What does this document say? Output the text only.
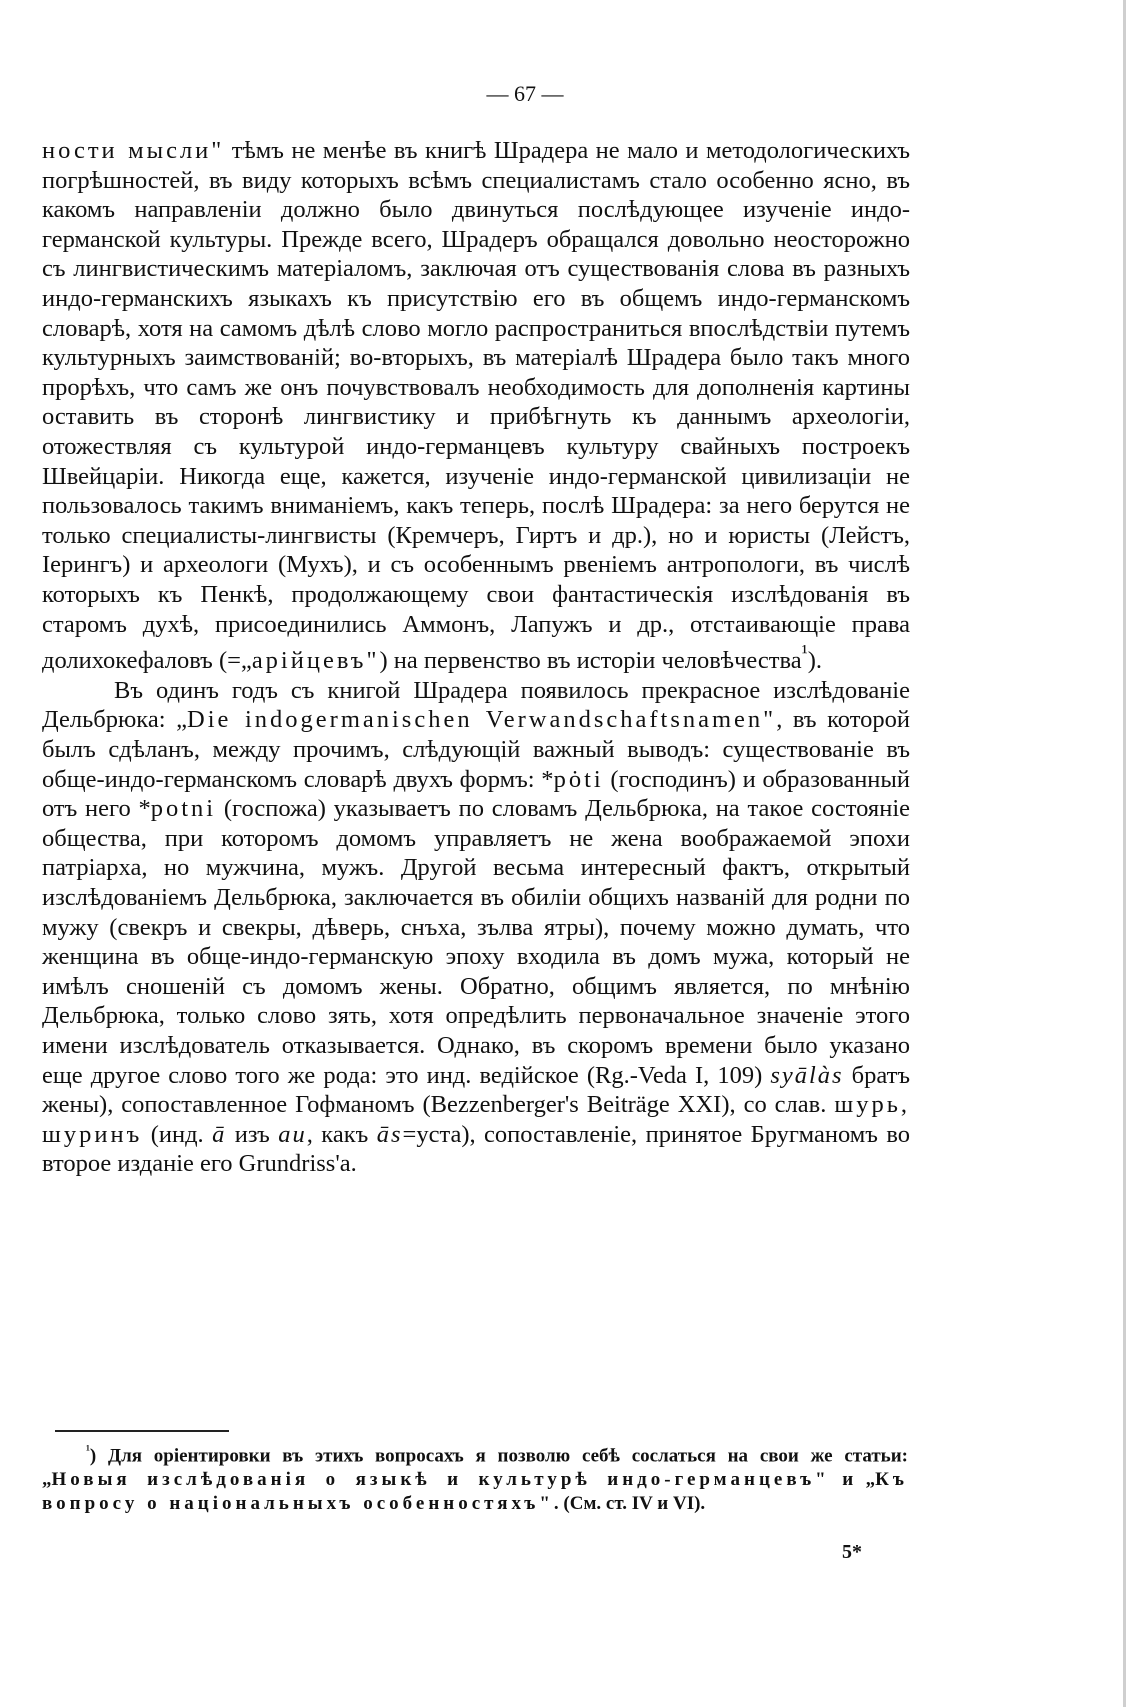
— 67 —

ности мысли" тѣмъ не менѣе въ книгѣ Шрадера не мало и методологическихъ погрѣшностей, въ виду которыхъ всѣмъ специалистамъ стало особенно ясно, въ какомъ направленіи должно было двинуться послѣдующее изученіе индо-германской культуры. Прежде всего, Шрадеръ обращался довольно неосторожно съ лингвистическимъ матеріаломъ, заключая отъ существованія слова въ разныхъ индо-германскихъ языкахъ къ присутствію его въ общемъ индо-германскомъ словарѣ, хотя на самомъ дѣлѣ слово могло распространиться впослѣдствіи путемъ культурныхъ заимствованій; во-вторыхъ, въ матеріалѣ Шрадера было такъ много прорѣхъ, что самъ же онъ почувствовалъ необходимость для дополненія картины оставить въ сторонѣ лингвистику и прибѣгнуть къ даннымъ археологіи, отожествляя съ культурой индо-германцевъ культуру свайныхъ построекъ Швейцаріи. Никогда еще, кажется, изученіе индо-германской цивилизаціи не пользовалось такимъ вниманіемъ, какъ теперь, послѣ Шрадера: за него берутся не только специалисты-лингвисты (Кремчеръ, Гиртъ и др.), но и юристы (Лейстъ, Іерингъ) и археологи (Мухъ), и съ особеннымъ рвеніемъ антропологи, въ числѣ которыхъ къ Пенкѣ, продолжающему свои фантастическія изслѣдованія въ старомъ духѣ, присоединились Аммонъ, Лапужъ и др., отстаивающіе права долихокефаловъ (=„арійцевъ") на первенство въ исторіи человѣчества$^{^1}$).

Въ одинъ годъ съ книгой Шрадера появилось прекрасное изслѣдованіе Дельбрюка: „Die indogermanischen Verwandschaftsnamen", въ которой былъ сдѣланъ, между прочимъ, слѣдующій важный выводъ: существованіе въ обще-индо-германскомъ словарѣ двухъ формъ: *pȯti (господинъ) и образованный отъ него *potni (госпожа) указываетъ по словамъ Дельбрюка, на такое состояніе общества, при которомъ домомъ управляетъ не жена воображаемой эпохи патріарха, но мужчина, мужъ. Другой весьма интересный фактъ, открытый изслѣдованіемъ Дельбрюка, заключается въ обиліи общихъ названій для родни по мужу (свекръ и свекры, дѣверь, снъха, зълва ятры), почему можно думать, что женщина въ обще-индо-германскую эпоху входила въ домъ мужа, который не имѣлъ сношеній съ домомъ жены. Обратно, общимъ является, по мнѣнію Дельбрюка, только слово зять, хотя опредѣлить первоначальное значеніе этого имени изслѣдователь отказывается. Однако, въ скоромъ времени было указано еще другое слово того же рода: это инд. ведійское (Rg.-Veda I, 109) syālàs братъ жены), сопоставленное Гофманомъ (Bezzenberger's Beiträge XXI), со слав. шурь, шуринъ (инд. ā изъ au, какъ ās=уста), сопоставленіе, принятое Бругманомъ во второе изданіе его Grundriss'a.

$^{^1}$) Для оріентировки въ этихъ вопросахъ я позволю себѣ сослаться на свои же статьи: „Новыя изслѣдованія о языкѣ и культурѣ индо-германцевъ" и „Къ вопросу о національныхъ особенностяхъ". (См. ст. IV и VI).

5*
